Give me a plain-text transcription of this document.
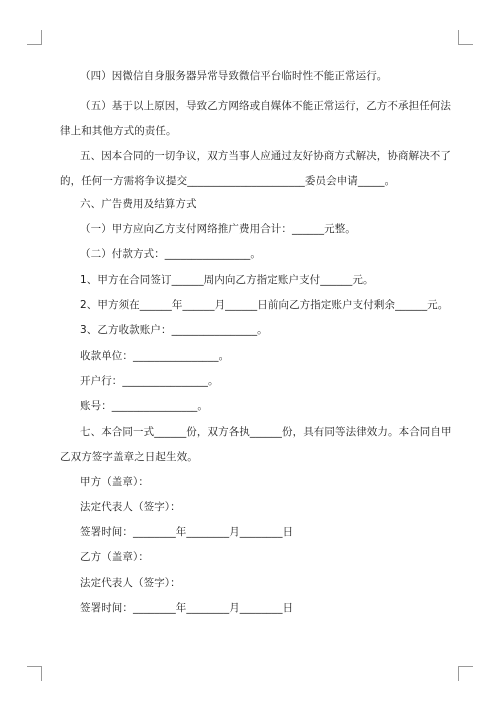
（四）因微信自身服务器异常导致微信平台临时性不能正常运行。
（五）基于以上原因，导致乙方网络或自媒体不能正常运行，乙方不承担任何法
律上和其他方式的责任。
五、因本合同的一切争议，双方当事人应通过友好协商方式解决，协商解决不了
的，任何一方需将争议提交______________________委员会申请_____。
六、广告费用及结算方式
（一）甲方应向乙方支付网络推广费用合计：______元整。
（二）付款方式：________________。
1、甲方在合同签订______周内向乙方指定账户支付______元。
2、甲方须在______年______月______日前向乙方指定账户支付剩余______元。
3、乙方收款账户：________________。
收款单位：________________。
开户行：________________。
账号：________________。
七、本合同一式______份，双方各执______份，具有同等法律效力。本合同自甲
乙双方签字盖章之日起生效。
甲方（盖章）：
法定代表人（签字）：
签署时间：________年________月________日
乙方（盖章）：
法定代表人（签字）：
签署时间：________年________月________日
